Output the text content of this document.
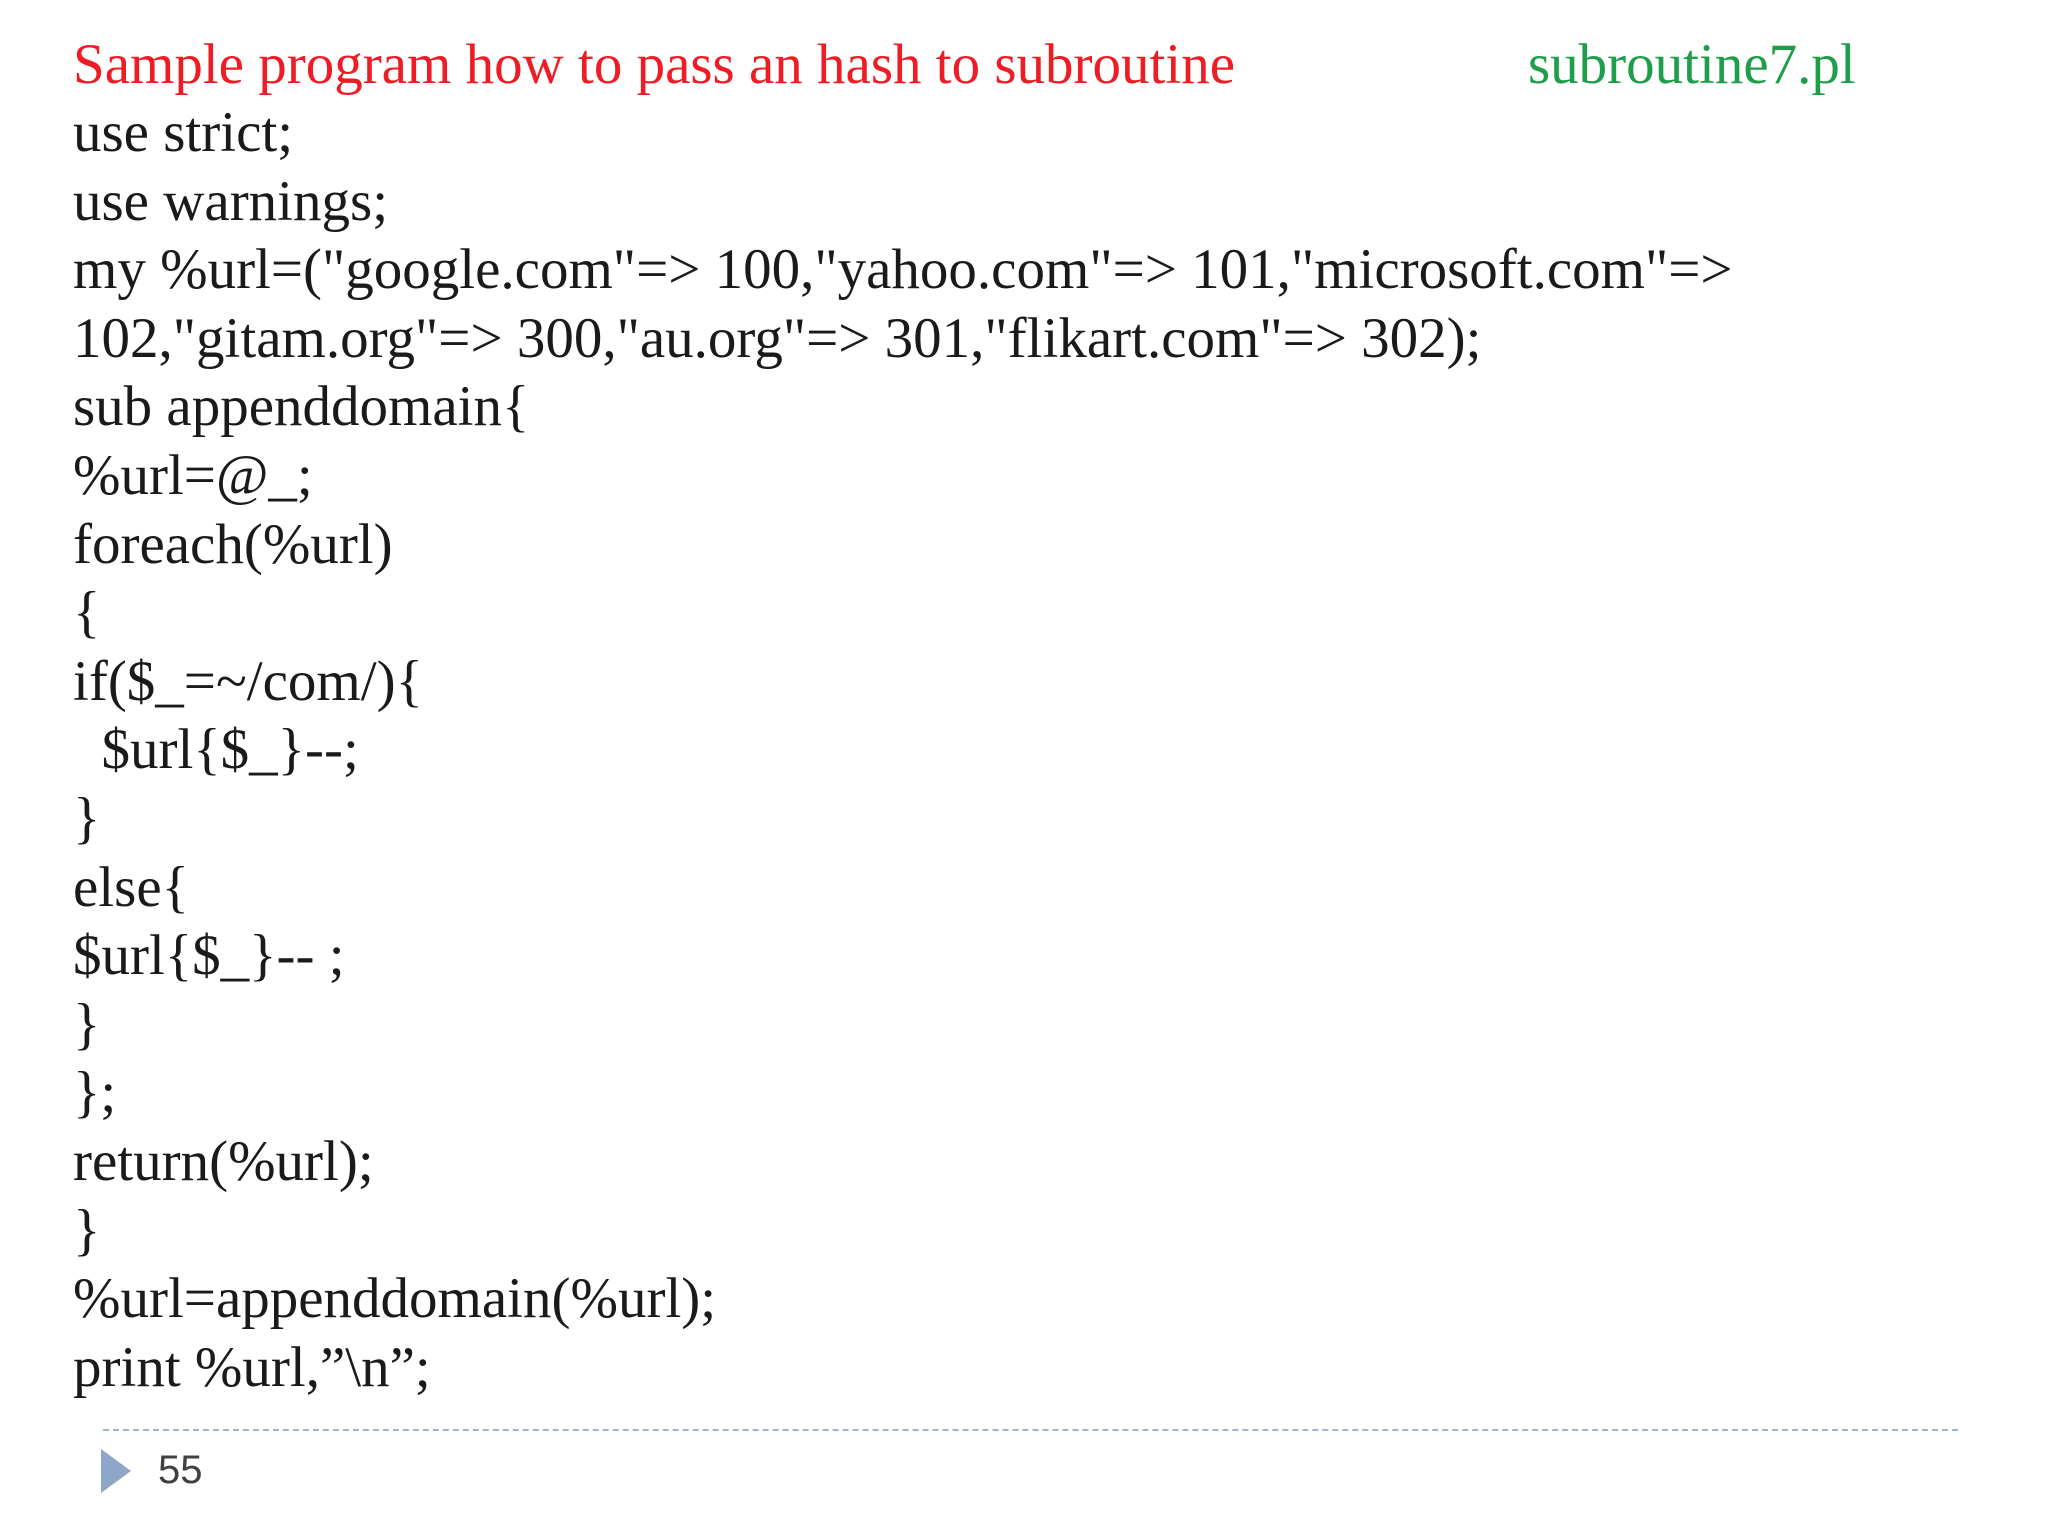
Sample program how to pass an hash to subroutine	subroutine7.pl
use strict;
use warnings;
my %url=("google.com"=> 100,"yahoo.com"=> 101,"microsoft.com"=>
102,"gitam.org"=> 300,"au.org"=> 301,"flikart.com"=> 302);
sub appenddomain{
%url=@_;
foreach(%url)
{
if($_=~/com/){
$url{$_}--;
}
else{
$url{$_}-- ;
}
};
return(%url);
}
%url=appenddomain(%url);
print %url,”\n”;
55
